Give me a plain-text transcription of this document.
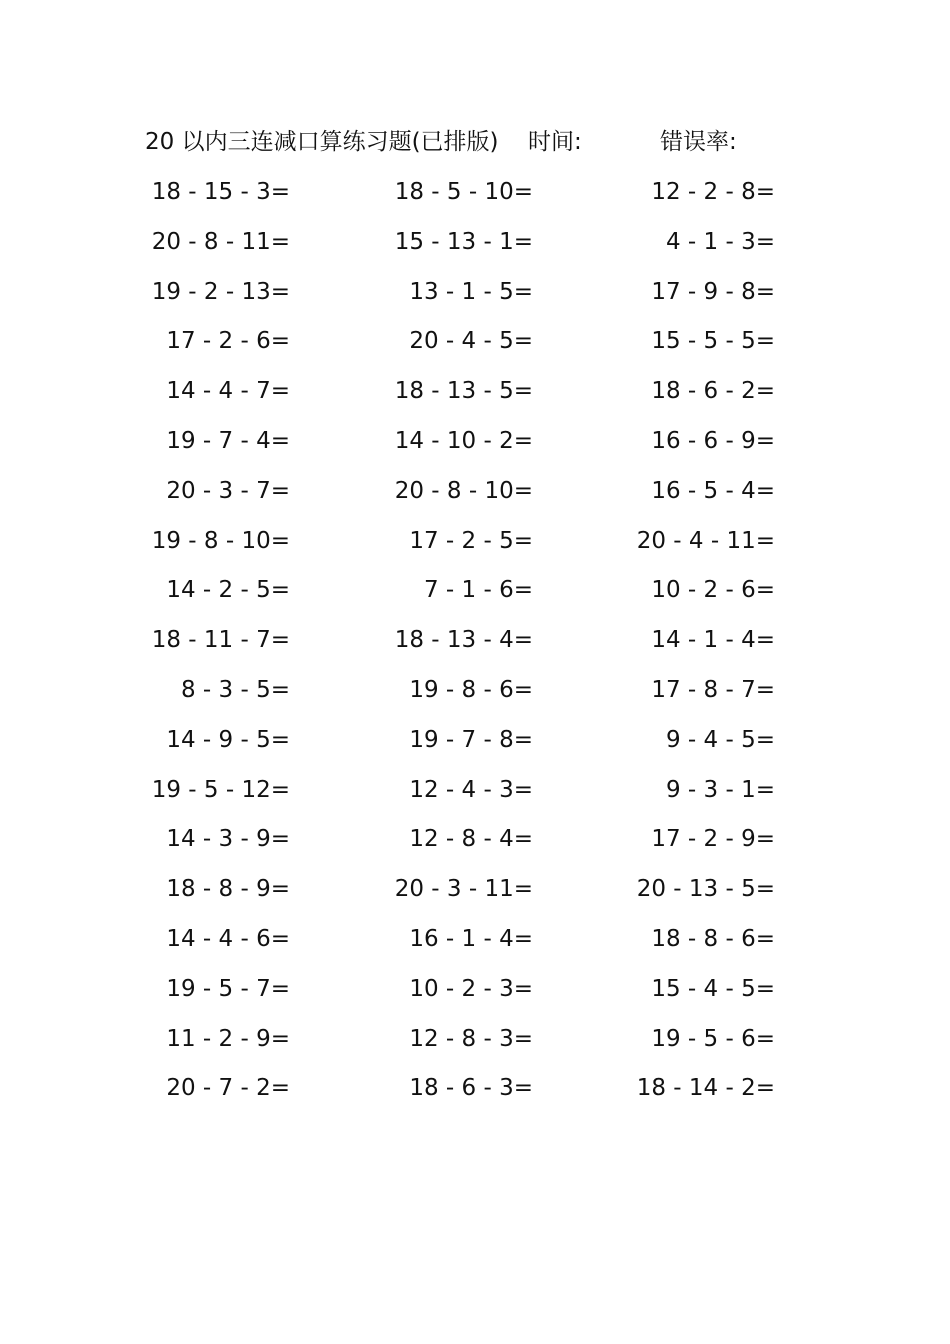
20 以内三连减口算练习题(已排版) 时间:	错误率:
18 - 15 - 3=	18 - 5 - 10=	12 - 2 - 8=
20 - 8 - 11=	15 - 13 - 1=	4 - 1 - 3=
19 - 2 - 13=	13 - 1 - 5=	17 - 9 - 8=
17 - 2 - 6=	20 - 4 - 5=	15 - 5 - 5=
14 - 4 - 7=	18 - 13 - 5=	18 - 6 - 2=
19 - 7 - 4=	14 - 10 - 2=	16 - 6 - 9=
20 - 3 - 7=	20 - 8 - 10=	16 - 5 - 4=
19 - 8 - 10=	17 - 2 - 5=	20 - 4 - 11=
14 - 2 - 5=	7 - 1 - 6=	10 - 2 - 6=
18 - 11 - 7=	18 - 13 - 4=	14 - 1 - 4=
8 - 3 - 5=	19 - 8 - 6=	17 - 8 - 7=
14 - 9 - 5=	19 - 7 - 8=	9 - 4 - 5=
19 - 5 - 12=	12 - 4 - 3=	9 - 3 - 1=
14 - 3 - 9=	12 - 8 - 4=	17 - 2 - 9=
18 - 8 - 9=	20 - 3 - 11=	20 - 13 - 5=
14 - 4 - 6=	16 - 1 - 4=	18 - 8 - 6=
19 - 5 - 7=	10 - 2 - 3=	15 - 4 - 5=
11 - 2 - 9=	12 - 8 - 3=	19 - 5 - 6=
20 - 7 - 2=	18 - 6 - 3=	18 - 14 - 2=
